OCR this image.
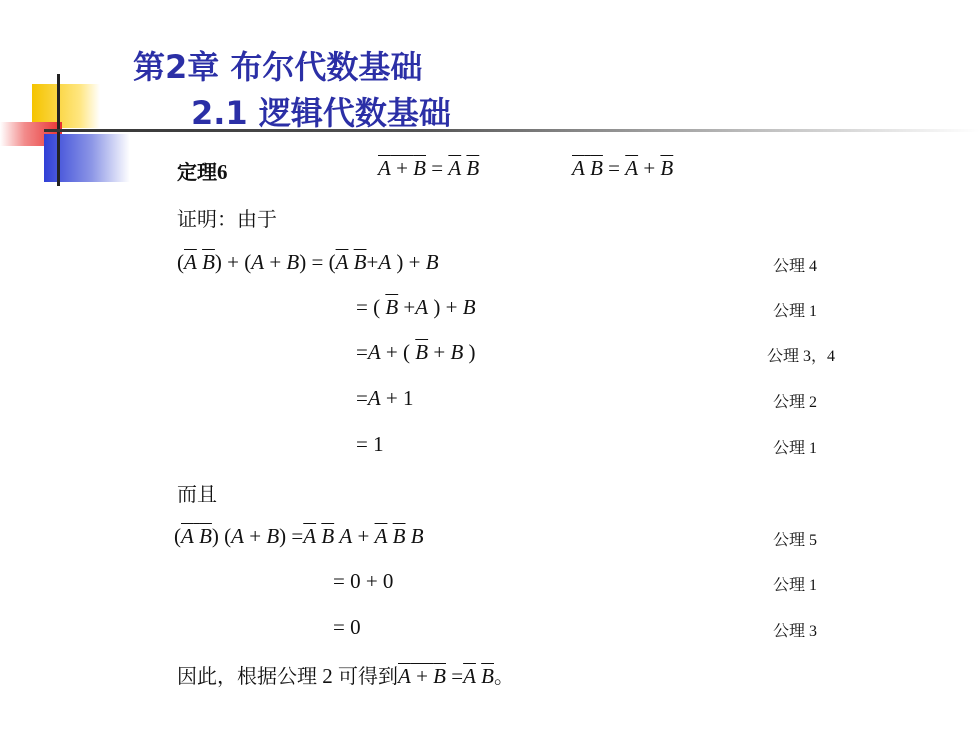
第2章 布尔代数基础
2.1 逻辑代数基础
定理6	$A + B = \overline{A}$ $\overline{B}$	A $B = \overline{A} + \overline{B}$
证明：由于
($\overline{A}$ $\overline{B}) + (A + B) = (\overline{A}$ $\overline{B}+A$ ) + B
= ( $\overline{B} +A$ ) + B
=A + ( $\overline{B} + B$ )
=A + 1
= 1
公理 4
公理 1
公理 3，4
公理 2
公理 1
而且
(A B) $(A + B) =\overline{A}$ $\overline{B}$ $A + \overline{A}$ $\overline{B}$ B
= 0 + 0
= 0
公理 5
公理 1
公理 3
因此，根据公理 2 可得到$A + B =\overline{A}$ $\overline{B}$。
